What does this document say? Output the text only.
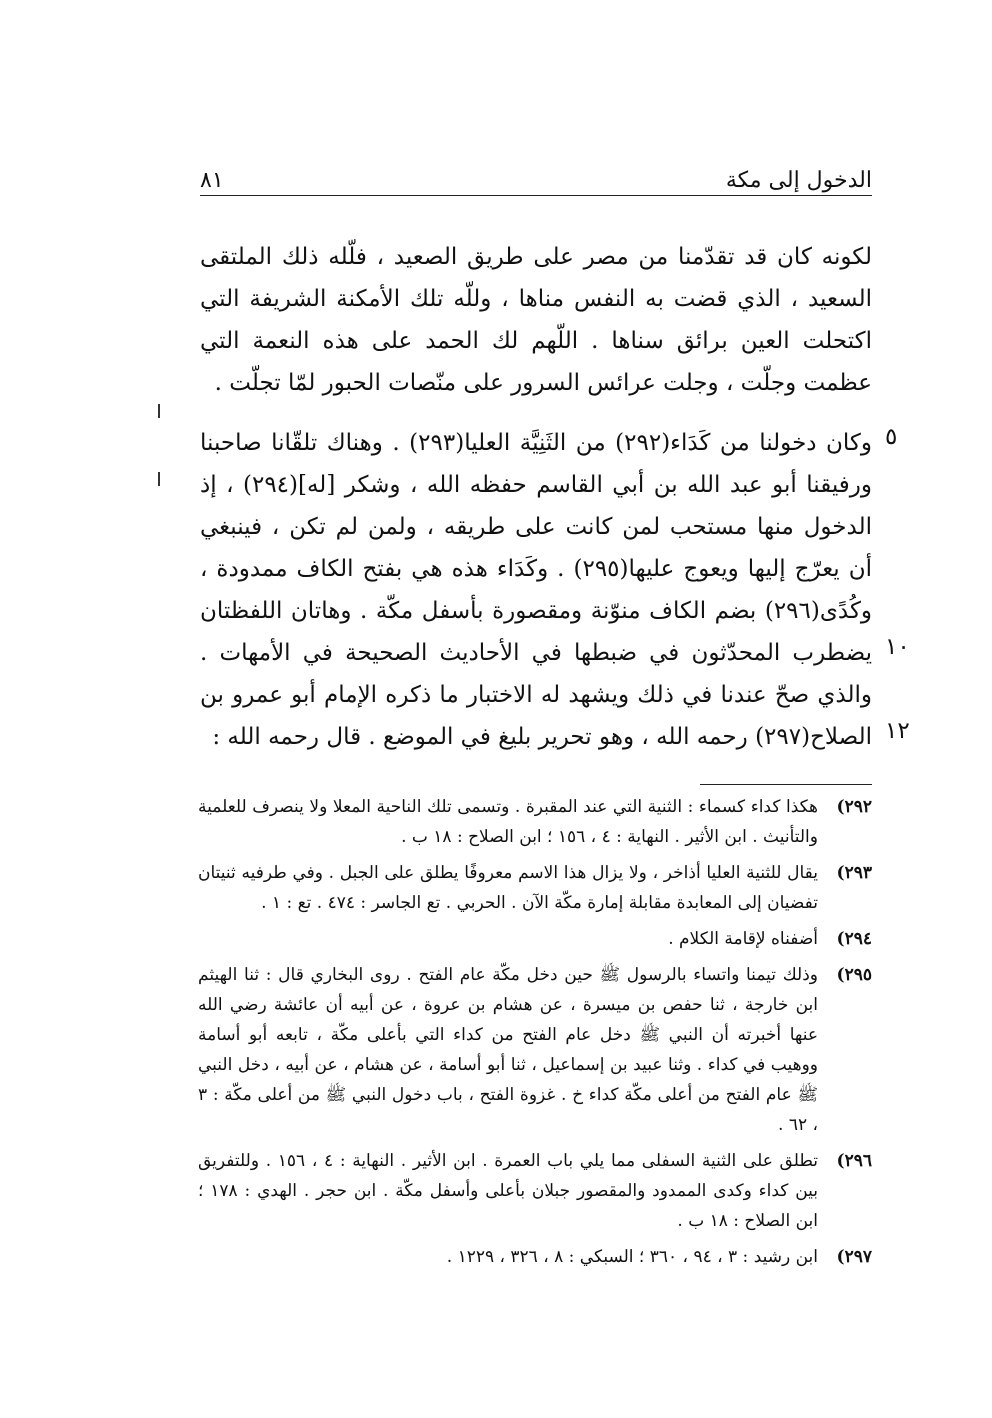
الدخول إلى مكة
٨١

لكونه كان قد تقدّمنا من مصر على طريق الصعيد ، فلّله ذلك الملتقى السعيد ، الذي قضت به النفس مناها ، وللّه تلك الأمكنة الشريفة التي اكتحلت العين برائق سناها . اللّهم لك الحمد على هذه النعمة التي عظمت وجلّت ، وجلت عرائس السرور على منّصات الحبور لمّا تجلّت .

وكان دخولنا من كَدَاء(٢٩٢) من الثَنِيَّة العليا(٢٩٣) . وهناك تلقّانا صاحبنا ورفيقنا أبو عبد الله بن أبي القاسم حفظه الله ، وشكر [له](٢٩٤) ، إذ الدخول منها مستحب لمن كانت على طريقه ، ولمن لم تكن ، فينبغي أن يعرّج إليها ويعوج عليها(٢٩٥) . وكَدَاء هذه هي بفتح الكاف ممدودة ، وكُدًى(٢٩٦) بضم الكاف منوّنة ومقصورة بأسفل مكّة . وهاتان اللفظتان يضطرب المحدّثون في ضبطها في الأحاديث الصحيحة في الأمهات . والذي صحّ عندنا في ذلك ويشهد له الاختبار ما ذكره الإمام أبو عمرو بن الصلاح(٢٩٧) رحمه الله ، وهو تحرير بليغ في الموضع . قال رحمه الله :

٥
١٠
١٢
٢٩٢)
هكذا كداء كسماء : الثنية التي عند المقبرة . وتسمى تلك الناحية المعلا ولا ينصرف للعلمية والتأنيث . ابن الأثير . النهاية : ٤ ، ١٥٦ ؛ ابن الصلاح : ١٨ ب .
٢٩٣)
يقال للثنية العليا أذاخر ، ولا يزال هذا الاسم معروفًا يطلق على الجبل . وفي طرفيه ثنيتان تفضيان إلى المعابدة مقابلة إمارة مكّة الآن . الحربي . تع الجاسر : ٤٧٤ . تع : ١ .
٢٩٤)
أضفناه لإقامة الكلام .
٢٩٥)
وذلك تيمنا واتساء بالرسول ﷺ حين دخل مكّة عام الفتح . روى البخاري قال : ثنا الهيثم ابن خارجة ، ثنا حفص بن ميسرة ، عن هشام بن عروة ، عن أبيه أن عائشة رضي الله عنها أخبرته أن النبي ﷺ دخل عام الفتح من كداء التي بأعلى مكّة ، تابعه أبو أسامة ووهيب في كداء . وثنا عبيد بن إسماعيل ، ثنا أبو أسامة ، عن هشام ، عن أبيه ، دخل النبي ﷺ عام الفتح من أعلى مكّة كداء خ . غزوة الفتح ، باب دخول النبي ﷺ من أعلى مكّة : ٣ ، ٦٢ .
٢٩٦)
تطلق على الثنية السفلى مما يلي باب العمرة . ابن الأثير . النهاية : ٤ ، ١٥٦ . وللتفريق بين كداء وكدى الممدود والمقصور جبلان بأعلى وأسفل مكّة . ابن حجر . الهدي : ١٧٨ ؛ ابن الصلاح : ١٨ ب .
٢٩٧)
ابن رشيد : ٣ ، ٩٤ ، ٣٦٠ ؛ السبكي : ٨ ، ٣٢٦ ، ١٢٢٩ .
